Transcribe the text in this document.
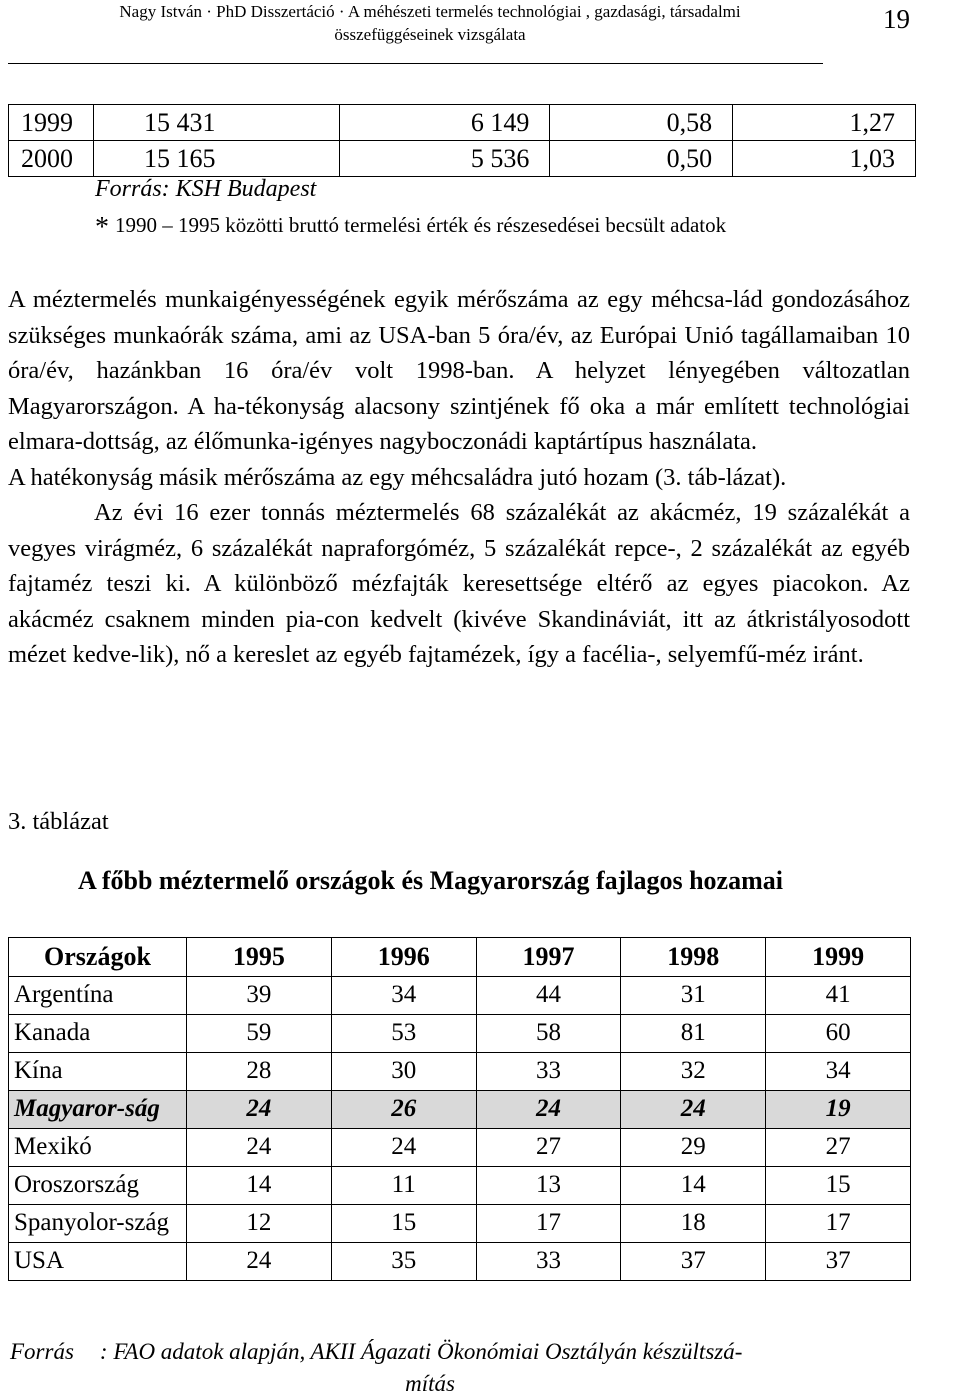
Nagy István · PhD Disszertáció · A méhészeti termelés technológiai , gazdasági, társadalmi
összefüggéseinek vizsgálata
19
1999	15 431	6 149	0,58	1,27
2000	15 165	5 536	0,50	1,03
Forrás: KSH Budapest
* 1990 – 1995 közötti bruttó termelési érték és részesedései becsült adatok

A méztermelés munkaigényességének egyik mérőszáma az egy méhcsa-lád gondozásához szükséges munkaórák száma, ami az USA-ban 5 óra/év, az Európai Unió tagállamaiban 10 óra/év, hazánkban 16 óra/év volt 1998-ban. A helyzet lényegében változatlan Magyarországon. A ha-tékonyság alacsony szintjének fő oka a már említett technológiai elmara-dottság, az élőmunka-igényes nagyboczonádi kaptártípus használata.

A hatékonyság másik mérőszáma az egy méhcsaládra jutó hozam (3. táb-lázat).

Az évi 16 ezer tonnás méztermelés 68 százalékát az akácméz, 19 százalékát a vegyes virágméz, 6 százalékát napraforgóméz, 5 százalékát repce-, 2 százalékát az egyéb fajtaméz teszi ki. A különböző mézfajták keresettsége eltérő az egyes piacokon. Az akácméz csaknem minden pia-con kedvelt (kivéve Skandináviát, itt az átkristályosodott mézet kedve-lik), nő a kereslet az egyéb fajtamézek, így a facélia-, selyemfű-méz iránt.

3. táblázat
A főbb méztermelő országok és Magyarország fajlagos hozamai
Országok	1995	1996	1997	1998	1999
Argentína	39	34	44	31	41
Kanada	59	53	58	81	60
Kína	28	30	33	32	34
Magyaror-ság	24	26	24	24	19
Mexikó	24	24	27	29	27
Oroszország	14	11	13	14	15
Spanyolor-szág	12	15	17	18	17
USA	24	35	33	37	37
Forrás : FAO adatok alapján, AKII Ágazati Ökonómiai Osztályán készültszá-
mítás
